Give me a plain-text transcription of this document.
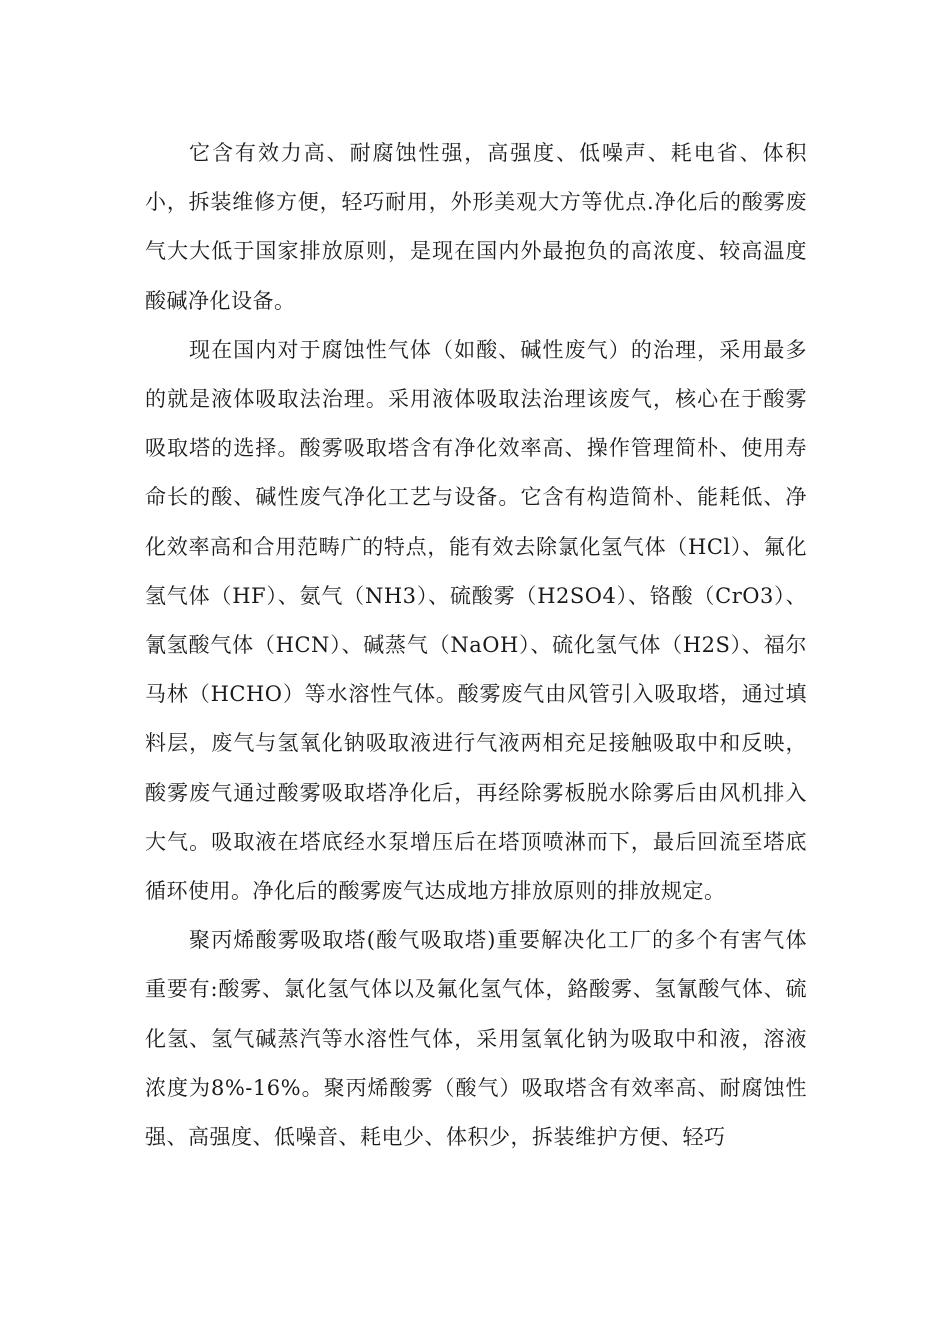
它含有效力高、耐腐蚀性强，高强度、低噪声、耗电省、体积小，拆装维修方便，轻巧耐用，外形美观大方等优点.净化后的酸雾废气大大低于国家排放原则，是现在国内外最抱负的高浓度、较高温度酸碱净化设备。

现在国内对于腐蚀性气体（如酸、碱性废气）的治理，采用最多的就是液体吸取法治理。采用液体吸取法治理该废气，核心在于酸雾吸取塔的选择。酸雾吸取塔含有净化效率高、操作管理简朴、使用寿命长的酸、碱性废气净化工艺与设备。它含有构造简朴、能耗低、净化效率高和合用范畴广的特点，能有效去除氯化氢气体（HCl）、氟化氢气体（HF）、氨气（NH3）、硫酸雾（H2SO4）、铬酸（CrO3）、氰氢酸气体（HCN）、碱蒸气（NaOH）、硫化氢气体（H2S）、福尔马林（HCHO）等水溶性气体。酸雾废气由风管引入吸取塔，通过填料层，废气与氢氧化钠吸取液进行气液两相充足接触吸取中和反映，酸雾废气通过酸雾吸取塔净化后，再经除雾板脱水除雾后由风机排入大气。吸取液在塔底经水泵增压后在塔顶喷淋而下，最后回流至塔底循环使用。净化后的酸雾废气达成地方排放原则的排放规定。

聚丙烯酸雾吸取塔(酸气吸取塔)重要解决化工厂的多个有害气体重要有:酸雾、氯化氢气体以及氟化氢气体，鉻酸雾、氢氰酸气体、硫化氢、氢气碱蒸汽等水溶性气体，采用氢氧化钠为吸取中和液，溶液浓度为8%-16%。聚丙烯酸雾（酸气）吸取塔含有效率高、耐腐蚀性强、高强度、低噪音、耗电少、体积少，拆装维护方便、轻巧
